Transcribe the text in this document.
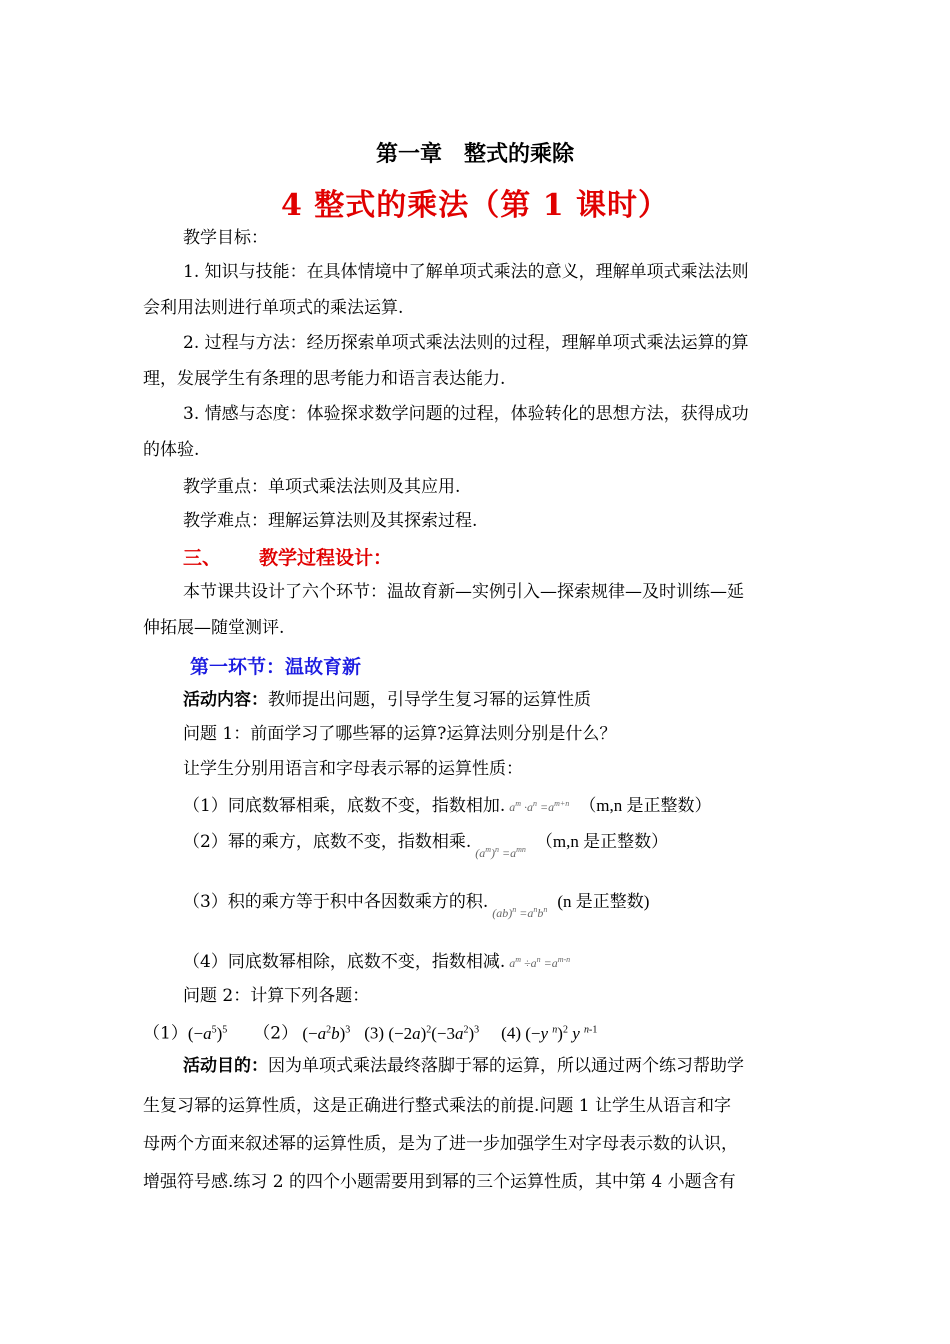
第一章　整式的乘除
4 整式的乘法（第 1 课时）
教学目标：
1. 知识与技能：在具体情境中了解单项式乘法的意义，理解单项式乘法法则
会利用法则进行单项式的乘法运算.
2. 过程与方法：经历探索单项式乘法法则的过程，理解单项式乘法运算的算
理，发展学生有条理的思考能力和语言表达能力.
3. 情感与态度：体验探求数学问题的过程，体验转化的思想方法，获得成功
的体验.
教学重点：单项式乘法法则及其应用.
教学难点：理解运算法则及其探索过程.
三、 教学过程设计：
本节课共设计了六个环节：温故育新—实例引入—探索规律—及时训练—延
伸拓展—随堂测评.
第一环节：温故育新
活动内容：教师提出问题，引导学生复习幂的运算性质
问题 1：前面学习了哪些幂的运算?运算法则分别是什么？
让学生分别用语言和字母表示幂的运算性质：
（1）同底数幂相乘，底数不变，指数相加. $a^m \cdot a^n =a^{m+n}$ （m,n 是正整数）
（2）幂的乘方，底数不变，指数相乘$._{(a^m)^n =a^{mn}}$ （m,n 是正整数）
（3）积的乘方等于积中各因数乘方的积$._{(ab)^n =a^nb^n}$ (n 是正整数)
（4）同底数幂相除，底数不变，指数相减. $a^m \div a^n =a^{m-n}$
问题 2：计算下列各题：
$(1)(-a^5)^5$ （2） $(-a^2b)^3$ (3) $(-2a)^2(-3a^2)^3$ (4) (−y $^n$)$^2$ y $^{n-1}$
活动目的：因为单项式乘法最终落脚于幂的运算，所以通过两个练习帮助学
生复习幂的运算性质，这是正确进行整式乘法的前提.问题 1 让学生从语言和字
母两个方面来叙述幂的运算性质，是为了进一步加强学生对字母表示数的认识，
增强符号感.练习 2 的四个小题需要用到幂的三个运算性质，其中第 4 小题含有
